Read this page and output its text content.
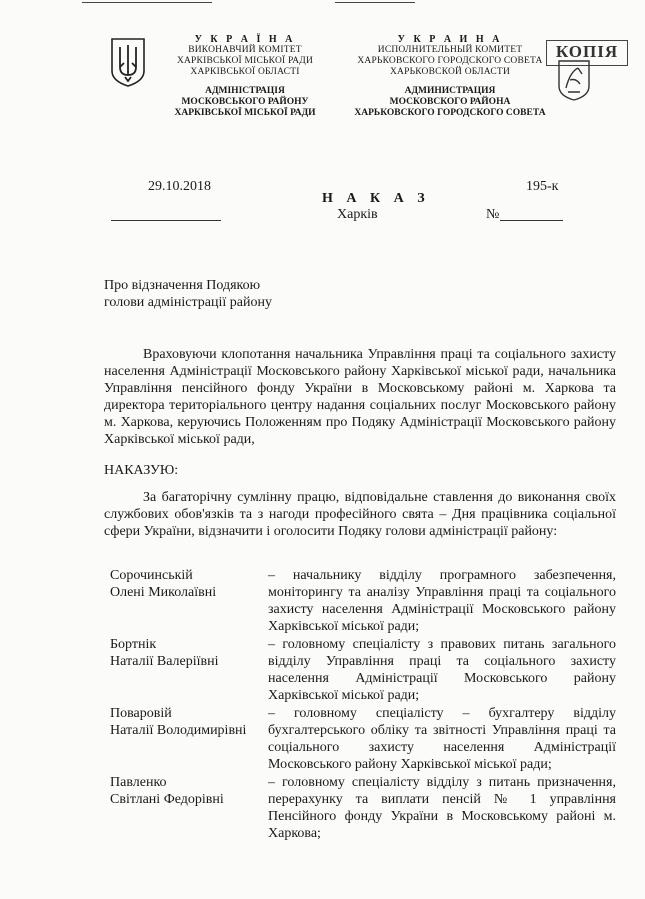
У К Р А Ї Н А
ВИКОНАВЧИЙ КОМІТЕТ
ХАРКІВСЬКОЇ МІСЬКОЇ РАДИ
ХАРКІВСЬКОЇ ОБЛАСТІ
АДМІНІСТРАЦІЯ
МОСКОВСЬКОГО РАЙОНУ
ХАРКІВСЬКОЇ МІСЬКОЇ РАДИ
У К Р А И Н А
ИСПОЛНИТЕЛЬНЫЙ КОМИТЕТ
ХАРЬКОВСКОГО ГОРОДСКОГО СОВЕТА
ХАРЬКОВСКОЙ ОБЛАСТИ
АДМИНИСТРАЦИЯ
МОСКОВСКОГО РАЙОНА
ХАРЬКОВСКОГО ГОРОДСКОГО СОВЕТА
КОПІЯ
29.10.2018
Н А К А З
Харків
195-к
№
Про відзначення Подякою
голови адміністрації району
Враховуючи клопотання начальника Управління праці та соціального захисту населення Адміністрації Московського району Харківської міської ради, начальника Управління пенсійного фонду України в Московському районі м. Харкова та директора територіального центру надання соціальних послуг Московського району м. Харкова, керуючись Положенням про Подяку Адміністрації Московського району Харківської міської ради,
НАКАЗУЮ:
За багаторічну сумлінну працю, відповідальне ставлення до виконання своїх службових обов'язків та з нагоди професійного свята – Дня працівника соціальної сфери України, відзначити і оголосити Подяку голови адміністрації району:
Сорочинській
Олені Миколаївні
– начальнику відділу програмного забезпечення, моніторингу та аналізу Управління праці та соціального захисту населення Адміністрації Московського району Харківської міської ради;
Бортнік
Наталії Валеріївні
– головному спеціалісту з правових питань загального відділу Управління праці та соціального захисту населення Адміністрації Московського району Харківської міської ради;
Поваровій
Наталії Володимирівні
– головному спеціалісту – бухгалтеру відділу бухгалтерського обліку та звітності Управління праці та соціального захисту населення Адміністрації Московського району Харківської міської ради;
Павленко
Світлані Федорівні
– головному спеціалісту відділу з питань призначення, перерахунку та виплати пенсій № 1 управління Пенсійного фонду України в Московському районі м. Харкова;
